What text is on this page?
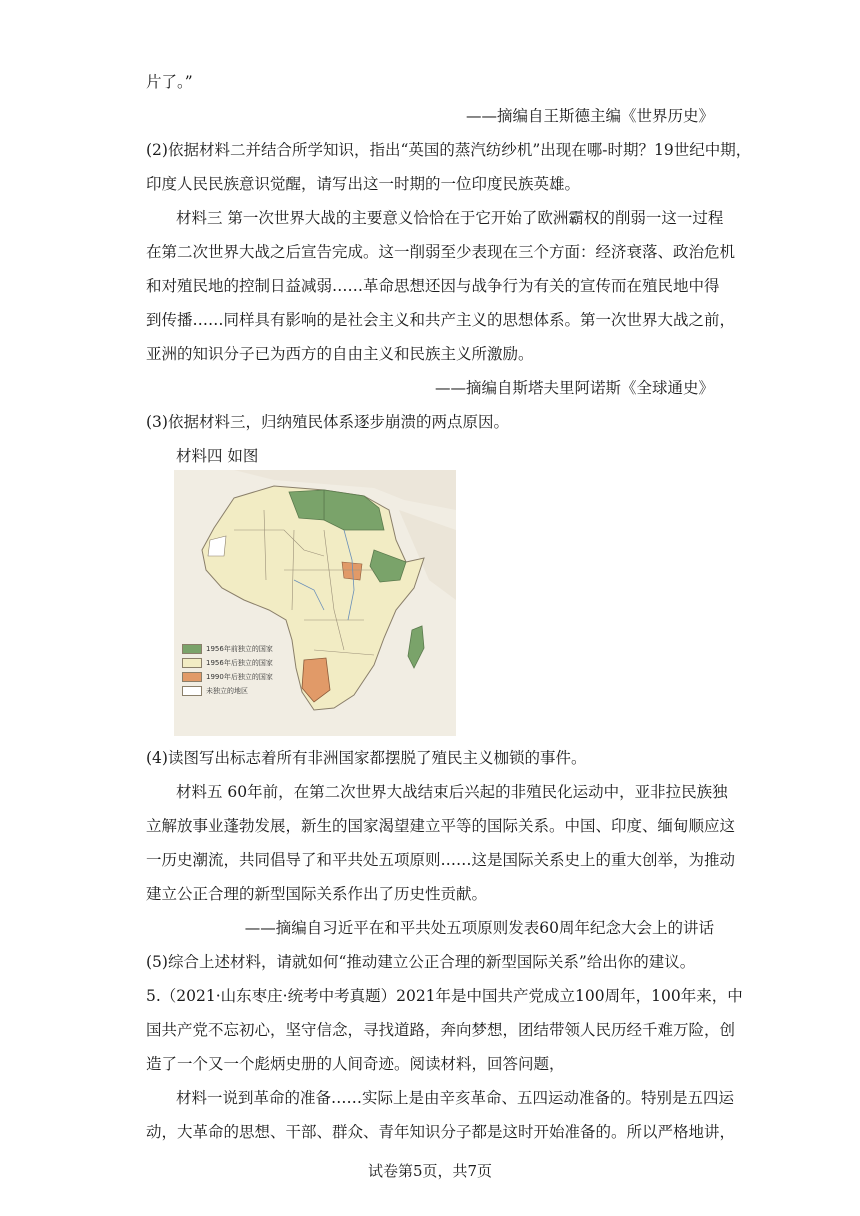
片了。”
——摘编自王斯德主编《世界历史》
(2)依据材料二并结合所学知识，指出“英国的蒸汽纺纱机”出现在哪-时期？19世纪中期，
印度人民民族意识觉醒，请写出这一时期的一位印度民族英雄。
材料三 第一次世界大战的主要意义恰恰在于它开始了欧洲霸权的削弱一这一过程
在第二次世界大战之后宣告完成。这一削弱至少表现在三个方面：经济衰落、政治危机
和对殖民地的控制日益减弱……革命思想还因与战争行为有关的宣传而在殖民地中得
到传播……同样具有影响的是社会主义和共产主义的思想体系。第一次世界大战之前，
亚洲的知识分子已为西方的自由主义和民族主义所激励。
——摘编自斯塔夫里阿诺斯《全球通史》
(3)依据材料三，归纳殖民体系逐步崩溃的两点原因。
材料四 如图
1956年前独立的国家
1956年后独立的国家
1990年后独立的国家
未独立的地区
(4)读图写出标志着所有非洲国家都摆脱了殖民主义枷锁的事件。
材料五 60年前，在第二次世界大战结束后兴起的非殖民化运动中，亚非拉民族独
立解放事业蓬勃发展，新生的国家渴望建立平等的国际关系。中国、印度、缅甸顺应这
一历史潮流，共同倡导了和平共处五项原则……这是国际关系史上的重大创举，为推动
建立公正合理的新型国际关系作出了历史性贡献。
——摘编自习近平在和平共处五项原则发表60周年纪念大会上的讲话
(5)综合上述材料，请就如何“推动建立公正合理的新型国际关系”给出你的建议。
5.（2021·山东枣庄·统考中考真题）2021年是中国共产党成立100周年，100年来，中
国共产党不忘初心，坚守信念，寻找道路，奔向梦想，团结带领人民历经千难万险，创
造了一个又一个彪炳史册的人间奇迹。阅读材料，回答问题，
材料一说到革命的准备……实际上是由辛亥革命、五四运动准备的。特别是五四运
动，大革命的思想、干部、群众、青年知识分子都是这时开始准备的。所以严格地讲，
试卷第5页，共7页
